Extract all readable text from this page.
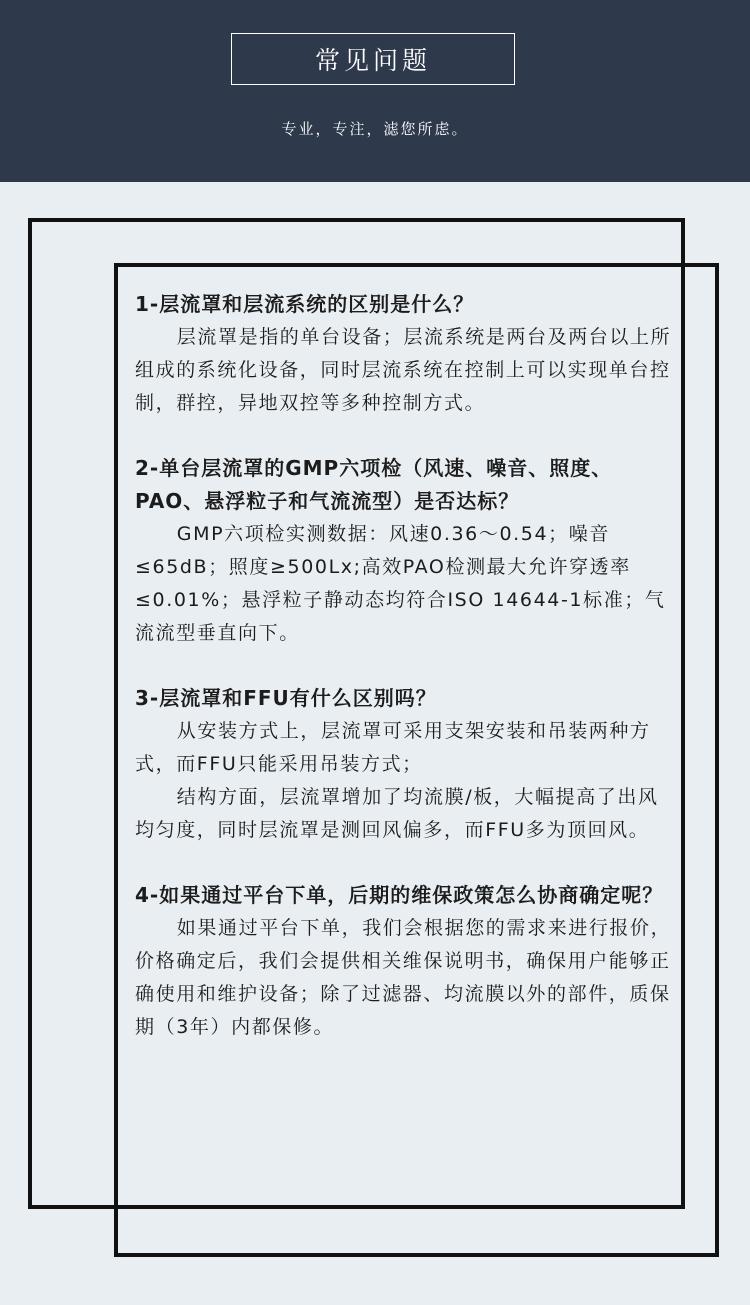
常见问题
专业，专注，滤您所虑。
1-层流罩和层流系统的区别是什么？

层流罩是指的单台设备；层流系统是两台及两台以上所组成的系统化设备，同时层流系统在控制上可以实现单台控制，群控，异地双控等多种控制方式。

2-单台层流罩的GMP六项检（风速、噪音、照度、PAO、悬浮粒子和气流流型）是否达标？

GMP六项检实测数据：风速0.36～0.54；噪音≤65dB；照度≥500Lx;高效PAO检测最大允许穿透率≤0.01%；悬浮粒子静动态均符合ISO 14644-1标准；气流流型垂直向下。

3-层流罩和FFU有什么区别吗？

从安装方式上，层流罩可采用支架安装和吊装两种方式，而FFU只能采用吊装方式；

结构方面，层流罩增加了均流膜/板，大幅提高了出风均匀度，同时层流罩是测回风偏多，而FFU多为顶回风。

4-如果通过平台下单，后期的维保政策怎么协商确定呢？

如果通过平台下单，我们会根据您的需求来进行报价，价格确定后，我们会提供相关维保说明书，确保用户能够正确使用和维护设备；除了过滤器、均流膜以外的部件，质保期（3年）内都保修。
